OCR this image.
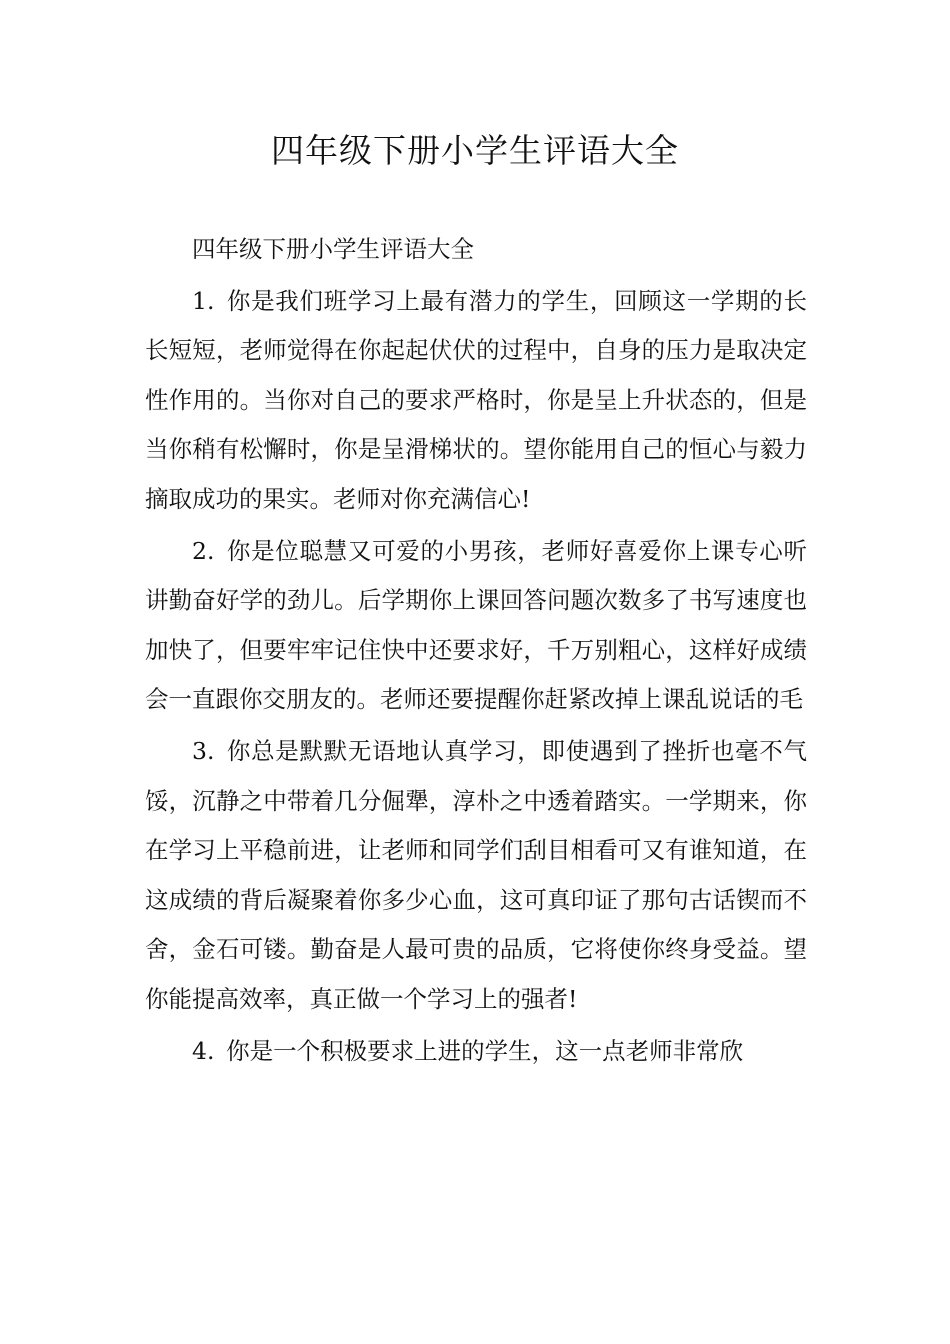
四年级下册小学生评语大全

四年级下册小学生评语大全

1. 你是我们班学习上最有潜力的学生，回顾这一学期的长长短短，老师觉得在你起起伏伏的过程中，自身的压力是取决定性作用的。当你对自己的要求严格时，你是呈上升状态的，但是当你稍有松懈时，你是呈滑梯状的。望你能用自己的恒心与毅力摘取成功的果实。老师对你充满信心!

2. 你是位聪慧又可爱的小男孩，老师好喜爱你上课专心听讲勤奋好学的劲儿。后学期你上课回答问题次数多了书写速度也加快了，但要牢牢记住快中还要求好，千万别粗心，这样好成绩会一直跟你交朋友的。老师还要提醒你赶紧改掉上课乱说话的毛

3. 你总是默默无语地认真学习，即使遇到了挫折也毫不气馁，沉静之中带着几分倔犟，淳朴之中透着踏实。一学期来，你在学习上平稳前进，让老师和同学们刮目相看可又有谁知道，在这成绩的背后凝聚着你多少心血，这可真印证了那句古话锲而不舍，金石可镂。勤奋是人最可贵的品质，它将使你终身受益。望你能提高效率，真正做一个学习上的强者!

4. 你是一个积极要求上进的学生，这一点老师非常欣
